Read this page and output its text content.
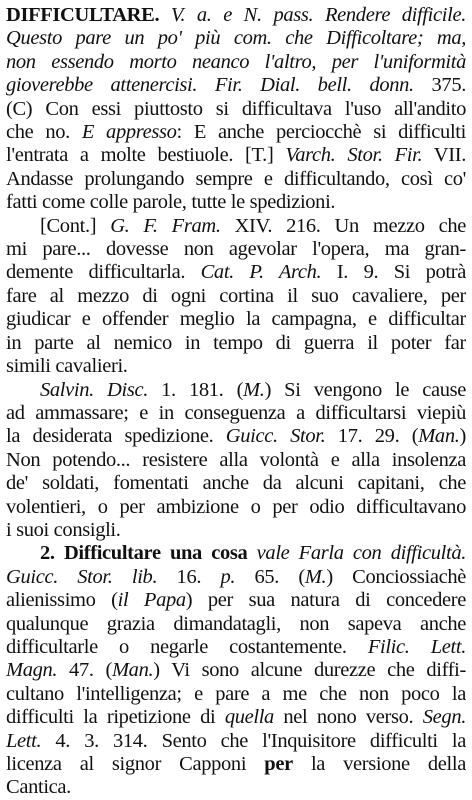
DIFFICULTARE. V. a. e N. pass. Rendere difficile.
Questo pare un po' più com. che Difficoltare; ma,
non essendo morto neanco l'altro, per l'uniformità
gioverebbe attenercisi. Fir. Dial. bell. donn. 375.
(C) Con essi piuttosto si difficultava l'uso all'andito
che no. E appresso: E anche perciocchè si difficulti
l'entrata a molte bestiuole. [T.] Varch. Stor. Fir. VII.
Andasse prolungando sempre e difficultando, così co'
fatti come colle parole, tutte le spedizioni.
[Cont.] G. F. Fram. XIV. 216. Un mezzo che
mi pare... dovesse non agevolar l'opera, ma gran-
demente difficultarla. Cat. P. Arch. I. 9. Si potrà
fare al mezzo di ogni cortina il suo cavaliere, per
giudicar e offender meglio la campagna, e difficultar
in parte al nemico in tempo di guerra il poter far
simili cavalieri.
Salvin. Disc. 1. 181. (M.) Si vengono le cause
ad ammassare; e in conseguenza a difficultarsi viepiù
la desiderata spedizione. Guicc. Stor. 17. 29. (Man.)
Non potendo... resistere alla volontà e alla insolenza
de' soldati, fomentati anche da alcuni capitani, che
volentieri, o per ambizione o per odio difficultavano
i suoi consigli.
2. Difficultare una cosa vale Farla con difficultà.
Guicc. Stor. lib. 16. p. 65. (M.) Conciossiachè
alienissimo (il Papa) per sua natura di concedere
qualunque grazia dimandatagli, non sapeva anche
difficultarle o negarle costantemente. Filic. Lett.
Magn. 47. (Man.) Vi sono alcune durezze che diffi-
cultano l'intelligenza; e pare a me che non poco la
difficulti la ripetizione di quella nel nono verso. Segn.
Lett. 4. 3. 314. Sento che l'Inquisitore difficulti la
licenza al signor Capponi per la versione della
Cantica.
